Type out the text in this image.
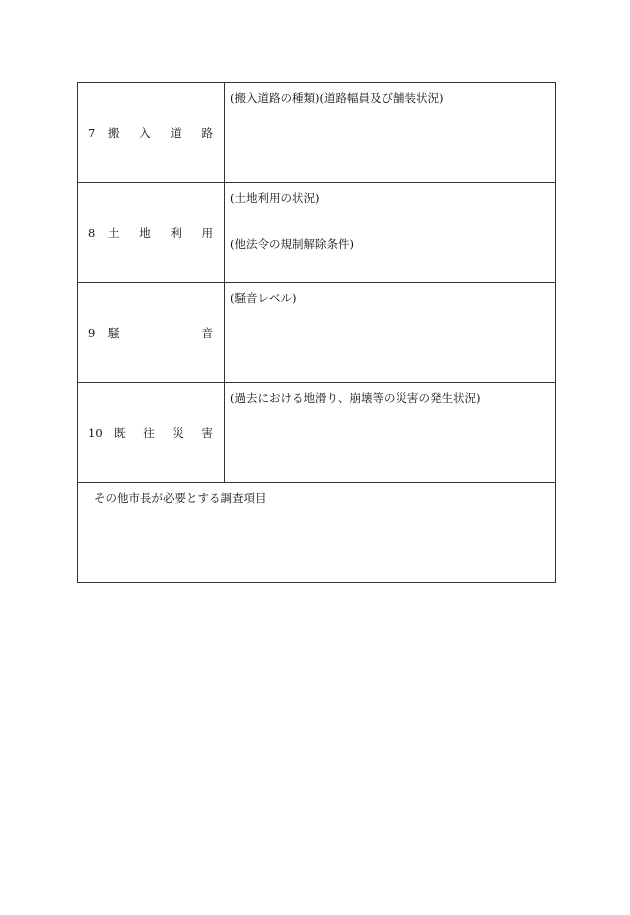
7 搬 入 道 路	(搬入道路の種類)(道路幅員及び舗装状況)

8 土 地 利 用	(土地利用の状況)
(他法令の規制解除条件)

9 騒 音	(騒音レベル)

10 既 往 災 害	(過去における地滑り、崩壊等の災害の発生状況)

その他市長が必要とする調査項目	
